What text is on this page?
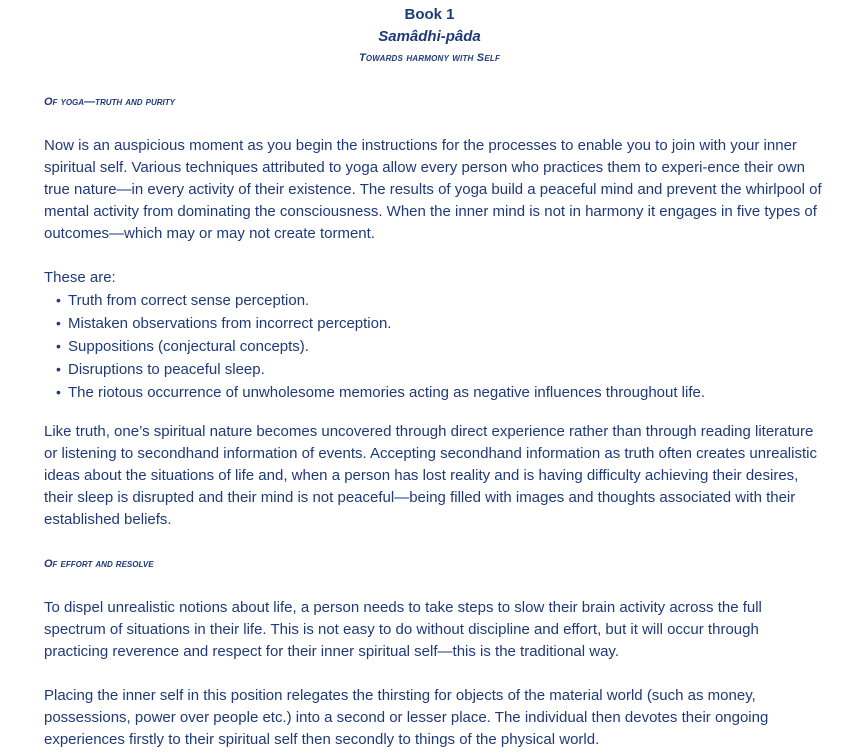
Book 1
Samâdhi-pâda
Towards harmony with Self
Of yoga—truth and purity
Now is an auspicious moment as you begin the instructions for the processes to enable you to join with your inner spiritual self. Various techniques attributed to yoga allow every person who practices them to experi-ence their own true nature—in every activity of their existence. The results of yoga build a peaceful mind and prevent the whirlpool of mental activity from dominating the consciousness. When the inner mind is not in harmony it engages in five types of outcomes—which may or may not create torment.
These are:
• Truth from correct sense perception.
• Mistaken observations from incorrect perception.
• Suppositions (conjectural concepts).
• Disruptions to peaceful sleep.
• The riotous occurrence of unwholesome memories acting as negative influences throughout life.
Like truth, one’s spiritual nature becomes uncovered through direct experience rather than through reading literature or listening to secondhand information of events. Accepting secondhand information as truth often creates unrealistic ideas about the situations of life and, when a person has lost reality and is having difficulty achieving their desires, their sleep is disrupted and their mind is not peaceful—being filled with images and thoughts associated with their established beliefs.
Of effort and resolve
To dispel unrealistic notions about life, a person needs to take steps to slow their brain activity across the full spectrum of situations in their life. This is not easy to do without discipline and effort, but it will occur through practicing reverence and respect for their inner spiritual self—this is the traditional way.
Placing the inner self in this position relegates the thirsting for objects of the material world (such as money, possessions, power over people etc.) into a second or lesser place. The individual then devotes their ongoing experiences firstly to their spiritual self then secondly to things of the physical world.
